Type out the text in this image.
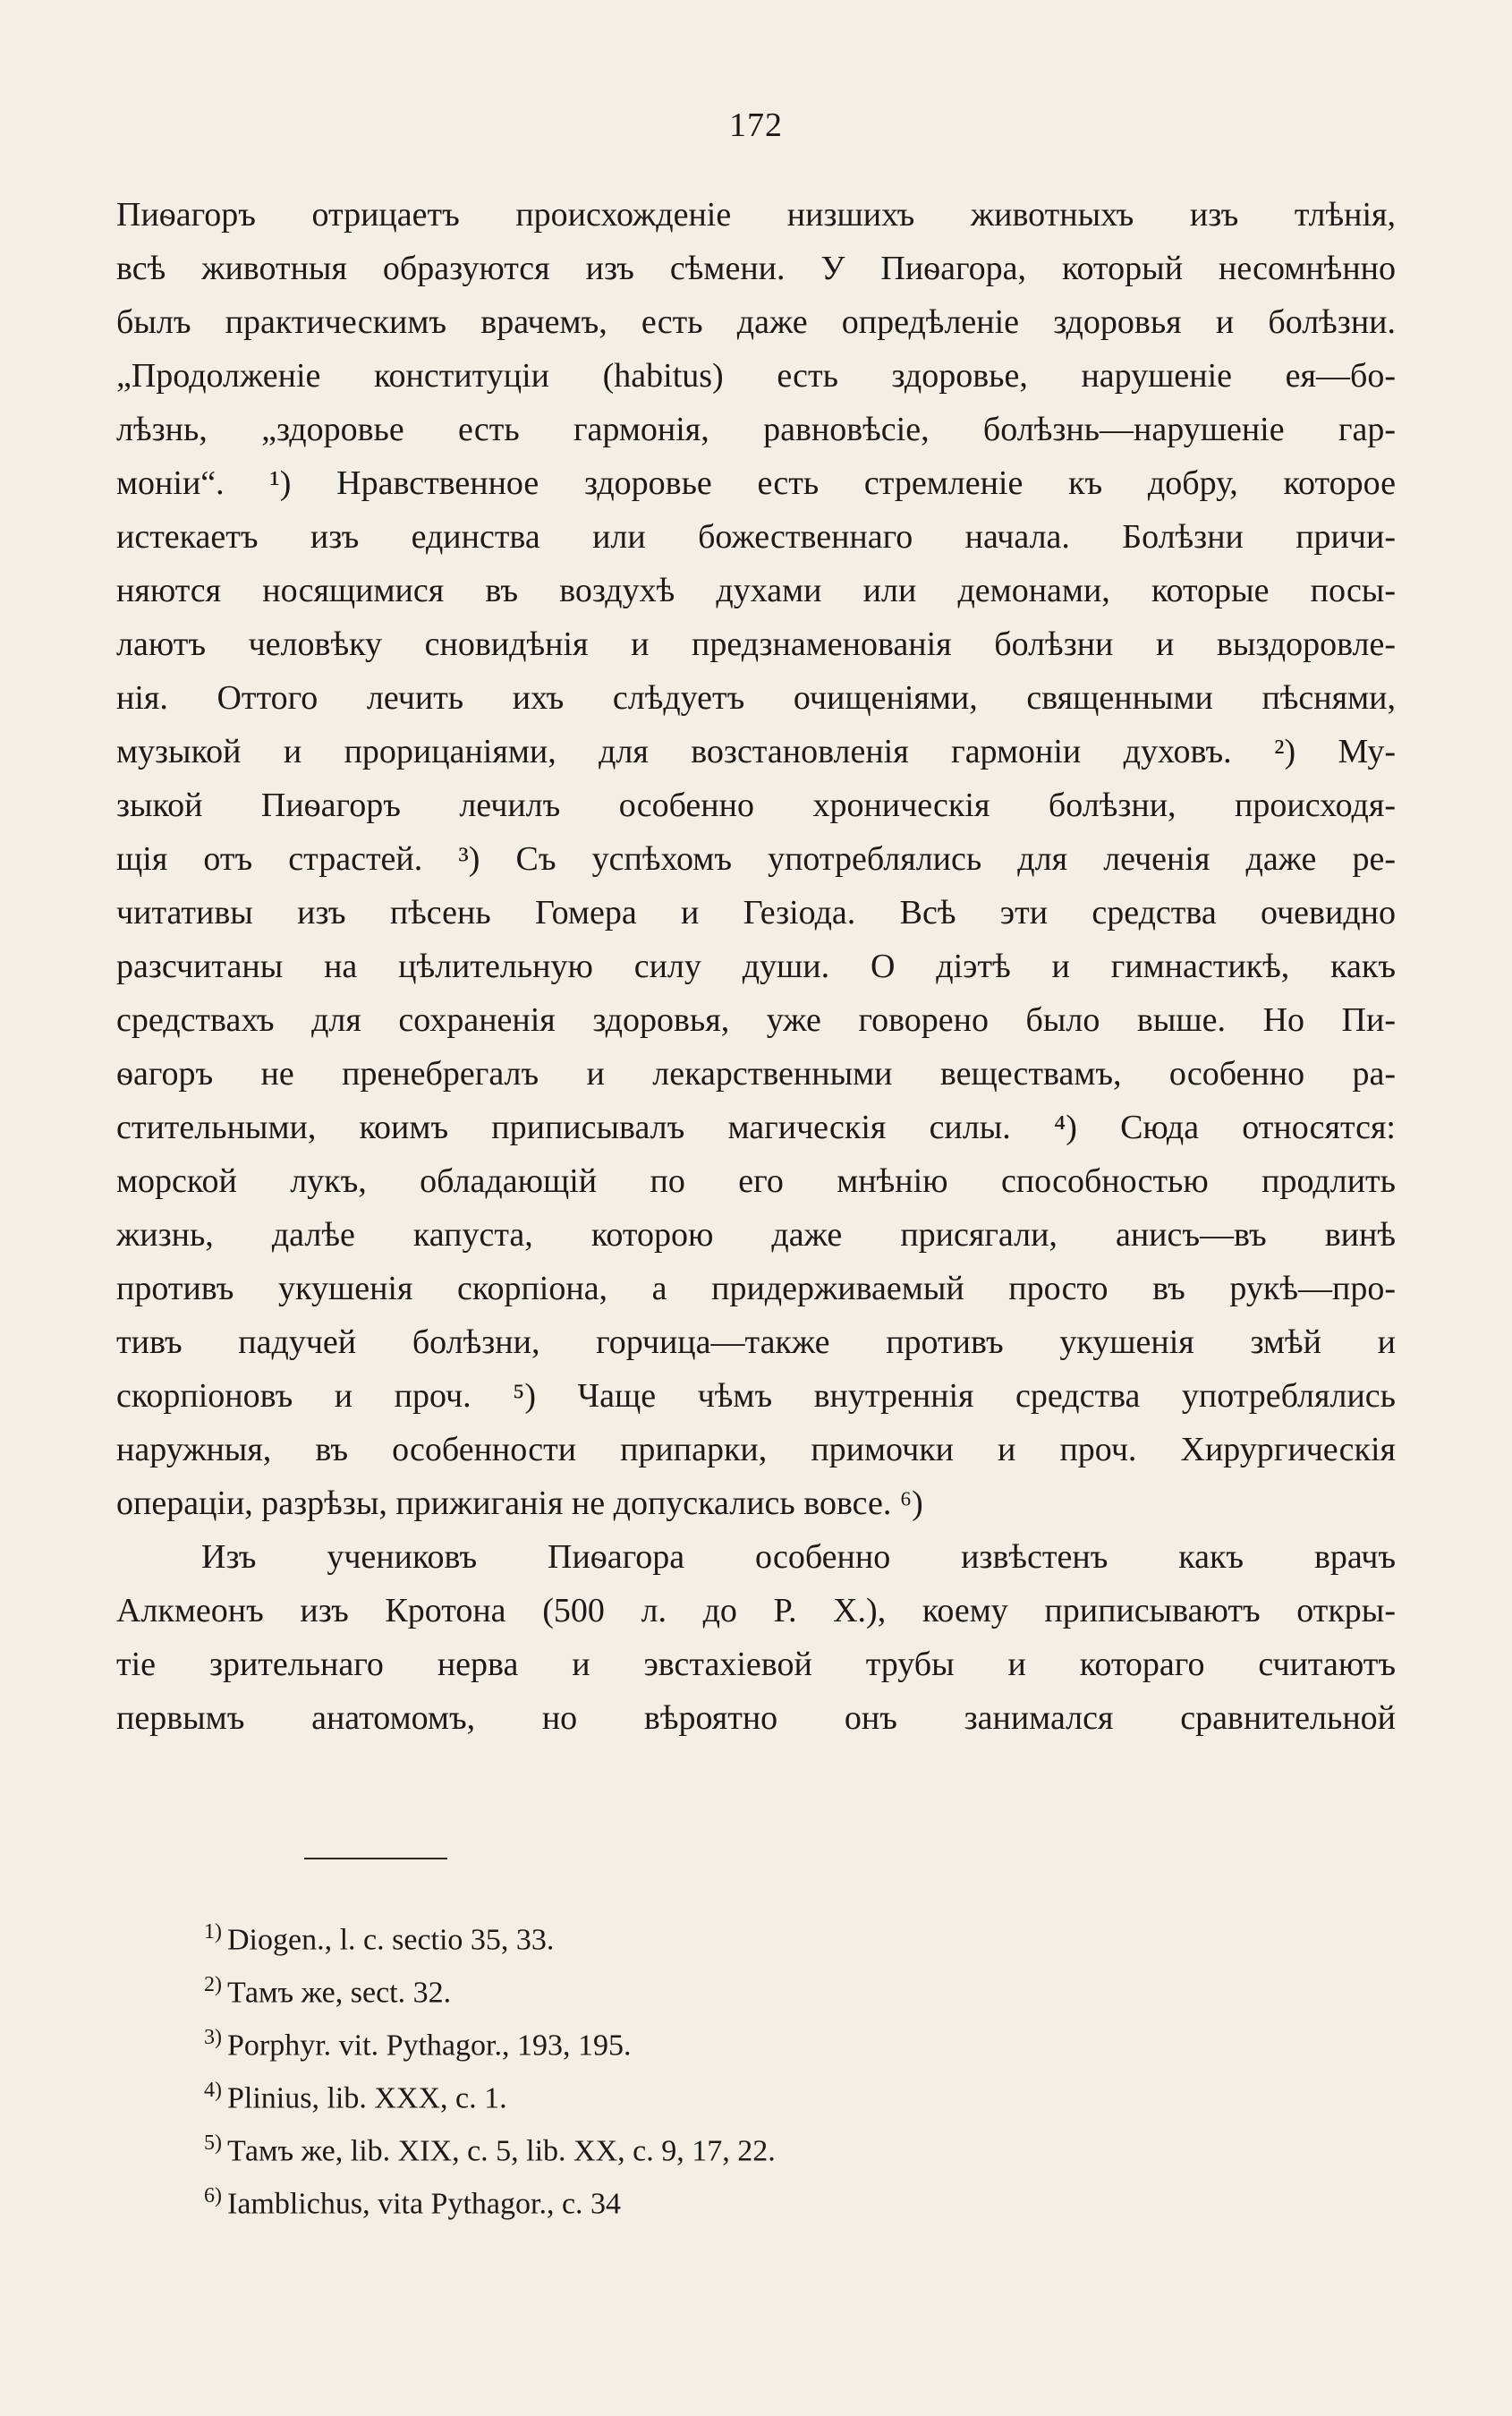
172
Пиѳагоръ отрицаетъ происхожденіе низшихъ животныхъ изъ тлѣнія,
всѣ животныя образуются изъ сѣмени. У Пиѳагора, который несомнѣнно
былъ практическимъ врачемъ, есть даже опредѣленіе здоровья и болѣзни.
„Продолженіе конституціи (habitus) есть здоровье, нарушеніе ея—бо-
лѣзнь, „здоровье есть гармонія, равновѣсіе, болѣзнь—нарушеніе гар-
моніи“. ¹) Нравственное здоровье есть стремленіе къ добру, которое
истекаетъ изъ единства или божественнаго начала. Болѣзни причи-
няются носящимися въ воздухѣ духами или демонами, которые посы-
лаютъ человѣку сновидѣнія и предзнаменованія болѣзни и выздоровле-
нія. Оттого лечить ихъ слѣдуетъ очищеніями, священными пѣснями,
музыкой и прорицаніями, для возстановленія гармоніи духовъ. ²) Му-
зыкой Пиѳагоръ лечилъ особенно хроническія болѣзни, происходя-
щія отъ страстей. ³) Съ успѣхомъ употреблялись для леченія даже ре-
читативы изъ пѣсень Гомера и Гезіода. Всѣ эти средства очевидно
разсчитаны на цѣлительную силу души. О діэтѣ и гимнастикѣ, какъ
средствахъ для сохраненія здоровья, уже говорено было выше. Но Пи-
ѳагоръ не пренебрегалъ и лекарственными веществамъ, особенно ра-
стительными, коимъ приписывалъ магическія силы. ⁴) Сюда относятся:
морской лукъ, обладающій по его мнѣнію способностью продлить
жизнь, далѣе капуста, которою даже присягали, анисъ—въ винѣ
противъ укушенія скорпіона, а придерживаемый просто въ рукѣ—про-
тивъ падучей болѣзни, горчица—также противъ укушенія змѣй и
скорпіоновъ и проч. ⁵) Чаще чѣмъ внутреннія средства употреблялись
наружныя, въ особенности припарки, примочки и проч. Хирургическія
операціи, разрѣзы, прижиганія не допускались вовсе. ⁶)
Изъ учениковъ Пиѳагора особенно извѣстенъ какъ врачъ
Алкмеонъ изъ Кротона (500 л. до Р. Х.), коему приписываютъ откры-
тіе зрительнаго нерва и эвстахіевой трубы и котораго считаютъ
первымъ анатомомъ, но вѣроятно онъ занимался сравнительной
$^{1)}$ Diogen., l. c. sectio 35, 33.
$^{2)}$ Тамъ же, sect. 32.
$^{3)}$ Porphyr. vit. Pythagor., 193, 195.
$^{4)}$ Plinius, lib. XXX, c. 1.
$^{5)}$ Тамъ же, lib. XIX, c. 5, lib. XX, c. 9, 17, 22.
$^{6)}$ Iamblichus, vita Pythagor., c. 34
